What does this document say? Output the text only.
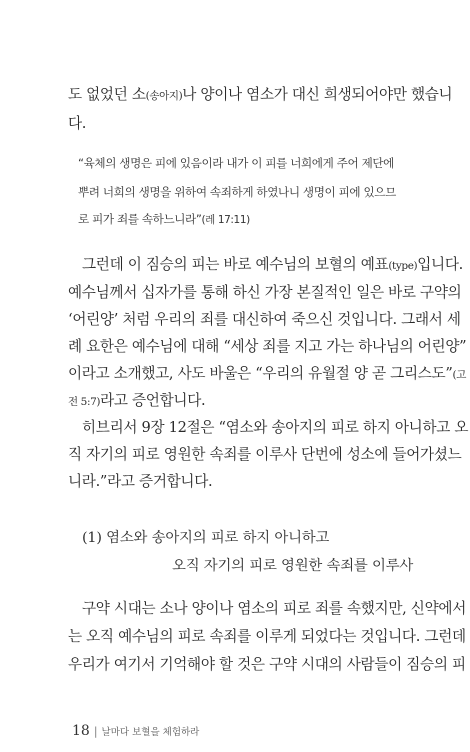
도 없었던 소(송아지)나 양이나 염소가 대신 희생되어야만 했습니
다.
“육체의 생명은 피에 있음이라 내가 이 피를 너희에게 주어 제단에
뿌려 너희의 생명을 위하여 속죄하게 하였나니 생명이 피에 있으므
로 피가 죄를 속하느니라”(레 17:11)
그런데 이 짐승의 피는 바로 예수님의 보혈의 예표(type)입니다.
예수님께서 십자가를 통해 하신 가장 본질적인 일은 바로 구약의
‘어린양’ 처럼 우리의 죄를 대신하여 죽으신 것입니다. 그래서 세
례 요한은 예수님에 대해 “세상 죄를 지고 가는 하나님의 어린양”
이라고 소개했고, 사도 바울은 “우리의 유월절 양 곧 그리스도”(고
전 5:7)라고 증언합니다.
히브리서 9장 12절은 “염소와 송아지의 피로 하지 아니하고 오
직 자기의 피로 영원한 속죄를 이루사 단번에 성소에 들어가셨느
니라.”라고 증거합니다.
(1) 염소와 송아지의 피로 하지 아니하고
오직 자기의 피로 영원한 속죄를 이루사
구약 시대는 소나 양이나 염소의 피로 죄를 속했지만, 신약에서
는 오직 예수님의 피로 속죄를 이루게 되었다는 것입니다. 그런데
우리가 여기서 기억해야 할 것은 구약 시대의 사람들이 짐승의 피
18 | 날마다 보혈을 체험하라
